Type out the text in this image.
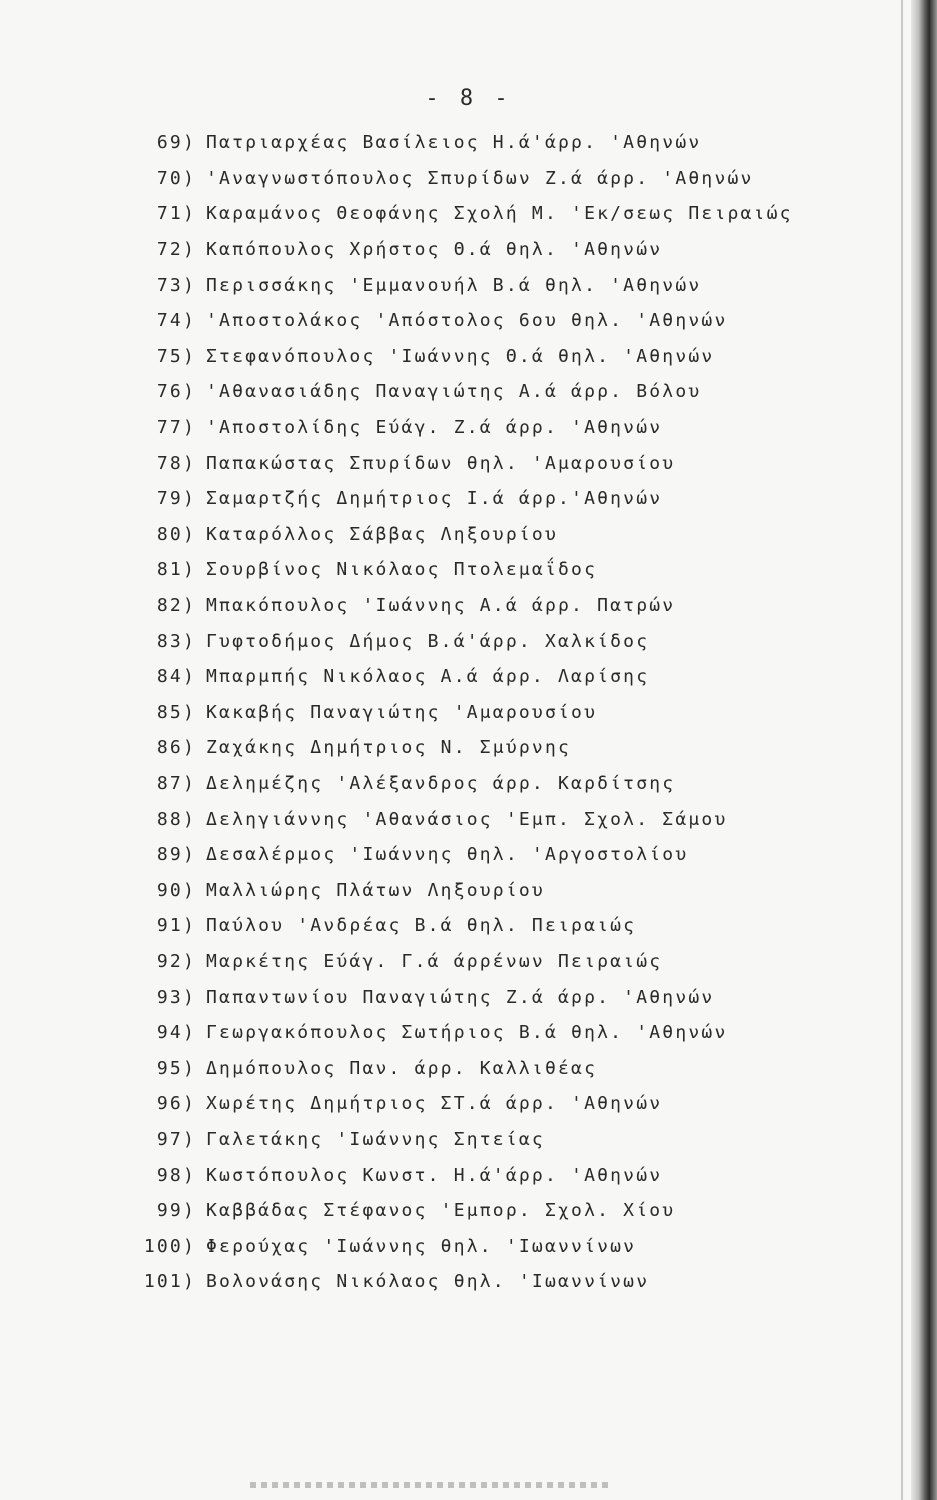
- 8 -
69) Πατριαρχέας Βασίλειος Η.ά'άρρ. 'Αθηνών
70) 'Αναγνωστόπουλος Σπυρίδων Ζ.ά άρρ. 'Αθηνών
71) Καραμάνος Θεοφάνης Σχολή Μ. 'Εκ/σεως Πειραιώς
72) Καπόπουλος Χρήστος Θ.ά θηλ. 'Αθηνών
73) Περισσάκης 'Εμμανουήλ Β.ά θηλ. 'Αθηνών
74) 'Αποστολάκος 'Απόστολος 6ου θηλ. 'Αθηνών
75) Στεφανόπουλος 'Ιωάννης Θ.ά θηλ. 'Αθηνών
76) 'Αθανασιάδης Παναγιώτης Α.ά άρρ. Βόλου
77) 'Αποστολίδης Εύάγ. Ζ.ά άρρ. 'Αθηνών
78) Παπακώστας Σπυρίδων θηλ. 'Αμαρουσίου
79) Σαμαρτζής Δημήτριος Ι.ά άρρ.'Αθηνών
80) Καταρόλλος Σάββας Ληξουρίου
81) Σουρβίνος Νικόλαος Πτολεμαΐδος
82) Μπακόπουλος 'Ιωάννης Α.ά άρρ. Πατρών
83) Γυφτοδήμος Δήμος Β.ά'άρρ. Χαλκίδος
84) Μπαρμπής Νικόλαος Α.ά άρρ. Λαρίσης
85) Κακαβής Παναγιώτης 'Αμαρουσίου
86) Ζαχάκης Δημήτριος Ν. Σμύρνης
87) Δελημέζης 'Αλέξανδρος άρρ. Καρδίτσης
88) Δεληγιάννης 'Αθανάσιος 'Εμπ. Σχολ. Σάμου
89) Δεσαλέρμος 'Ιωάννης θηλ. 'Αργοστολίου
90) Μαλλιώρης Πλάτων Ληξουρίου
91) Παύλου 'Ανδρέας Β.ά θηλ. Πειραιώς
92) Μαρκέτης Εύάγ. Γ.ά άρρένων Πειραιώς
93) Παπαντωνίου Παναγιώτης Ζ.ά άρρ. 'Αθηνών
94) Γεωργακόπουλος Σωτήριος Β.ά θηλ. 'Αθηνών
95) Δημόπουλος Παν. άρρ. Καλλιθέας
96) Χωρέτης Δημήτριος ΣΤ.ά άρρ. 'Αθηνών
97) Γαλετάκης 'Ιωάννης Σητείας
98) Κωστόπουλος Κωνστ. Η.ά'άρρ. 'Αθηνών
99) Καββάδας Στέφανος 'Εμπορ. Σχολ. Χίου
100) Φερούχας 'Ιωάννης θηλ. 'Ιωαννίνων
101) Βολονάσης Νικόλαος θηλ. 'Ιωαννίνων
